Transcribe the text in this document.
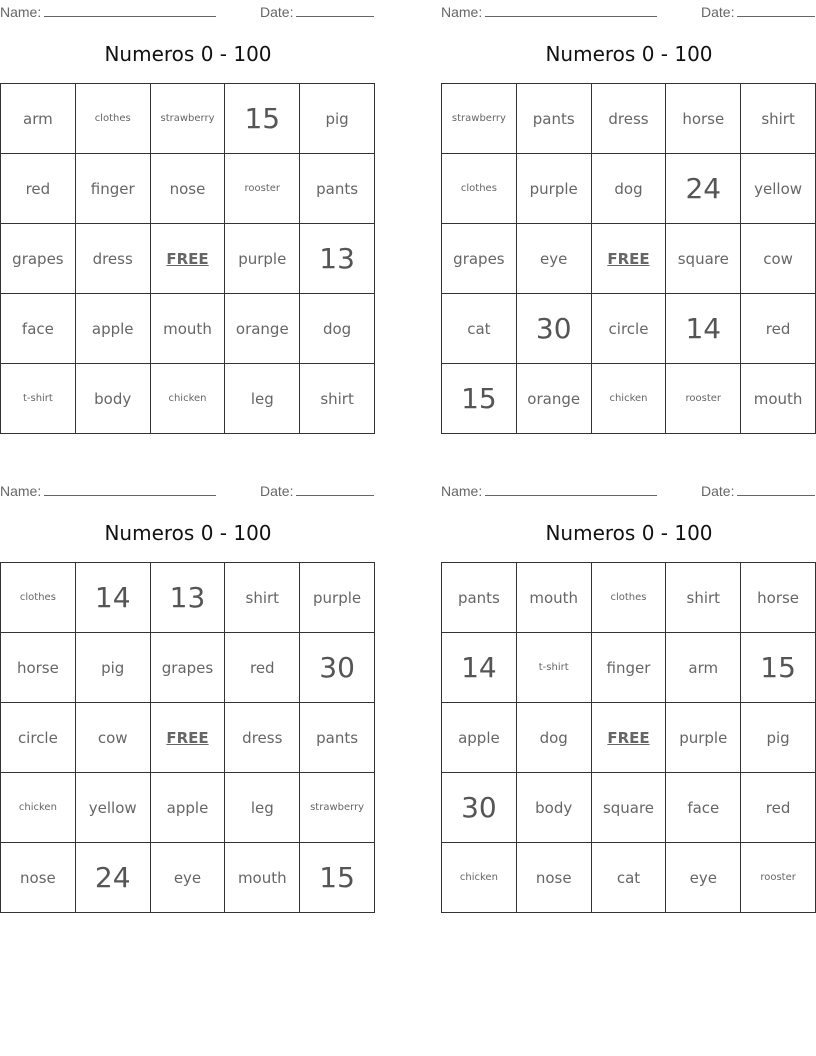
Name:	Date:
Numeros 0 - 100
arm	clothes	strawberry	15	pig
red	finger	nose	rooster	pants
grapes	dress	FREE	purple	13
face	apple	mouth	orange	dog
t-shirt	body	chicken	leg	shirt
Name:	Date:
Numeros 0 - 100
strawberry	pants	dress	horse	shirt
clothes	purple	dog	24	yellow
grapes	eye	FREE	square	cow
cat	30	circle	14	red
15	orange	chicken	rooster	mouth
Name:	Date:
Numeros 0 - 100
clothes	14	13	shirt	purple
horse	pig	grapes	red	30
circle	cow	FREE	dress	pants
chicken	yellow	apple	leg	strawberry
nose	24	eye	mouth	15
Name:	Date:
Numeros 0 - 100
pants	mouth	clothes	shirt	horse
14	t-shirt	finger	arm	15
apple	dog	FREE	purple	pig
30	body	square	face	red
chicken	nose	cat	eye	rooster
